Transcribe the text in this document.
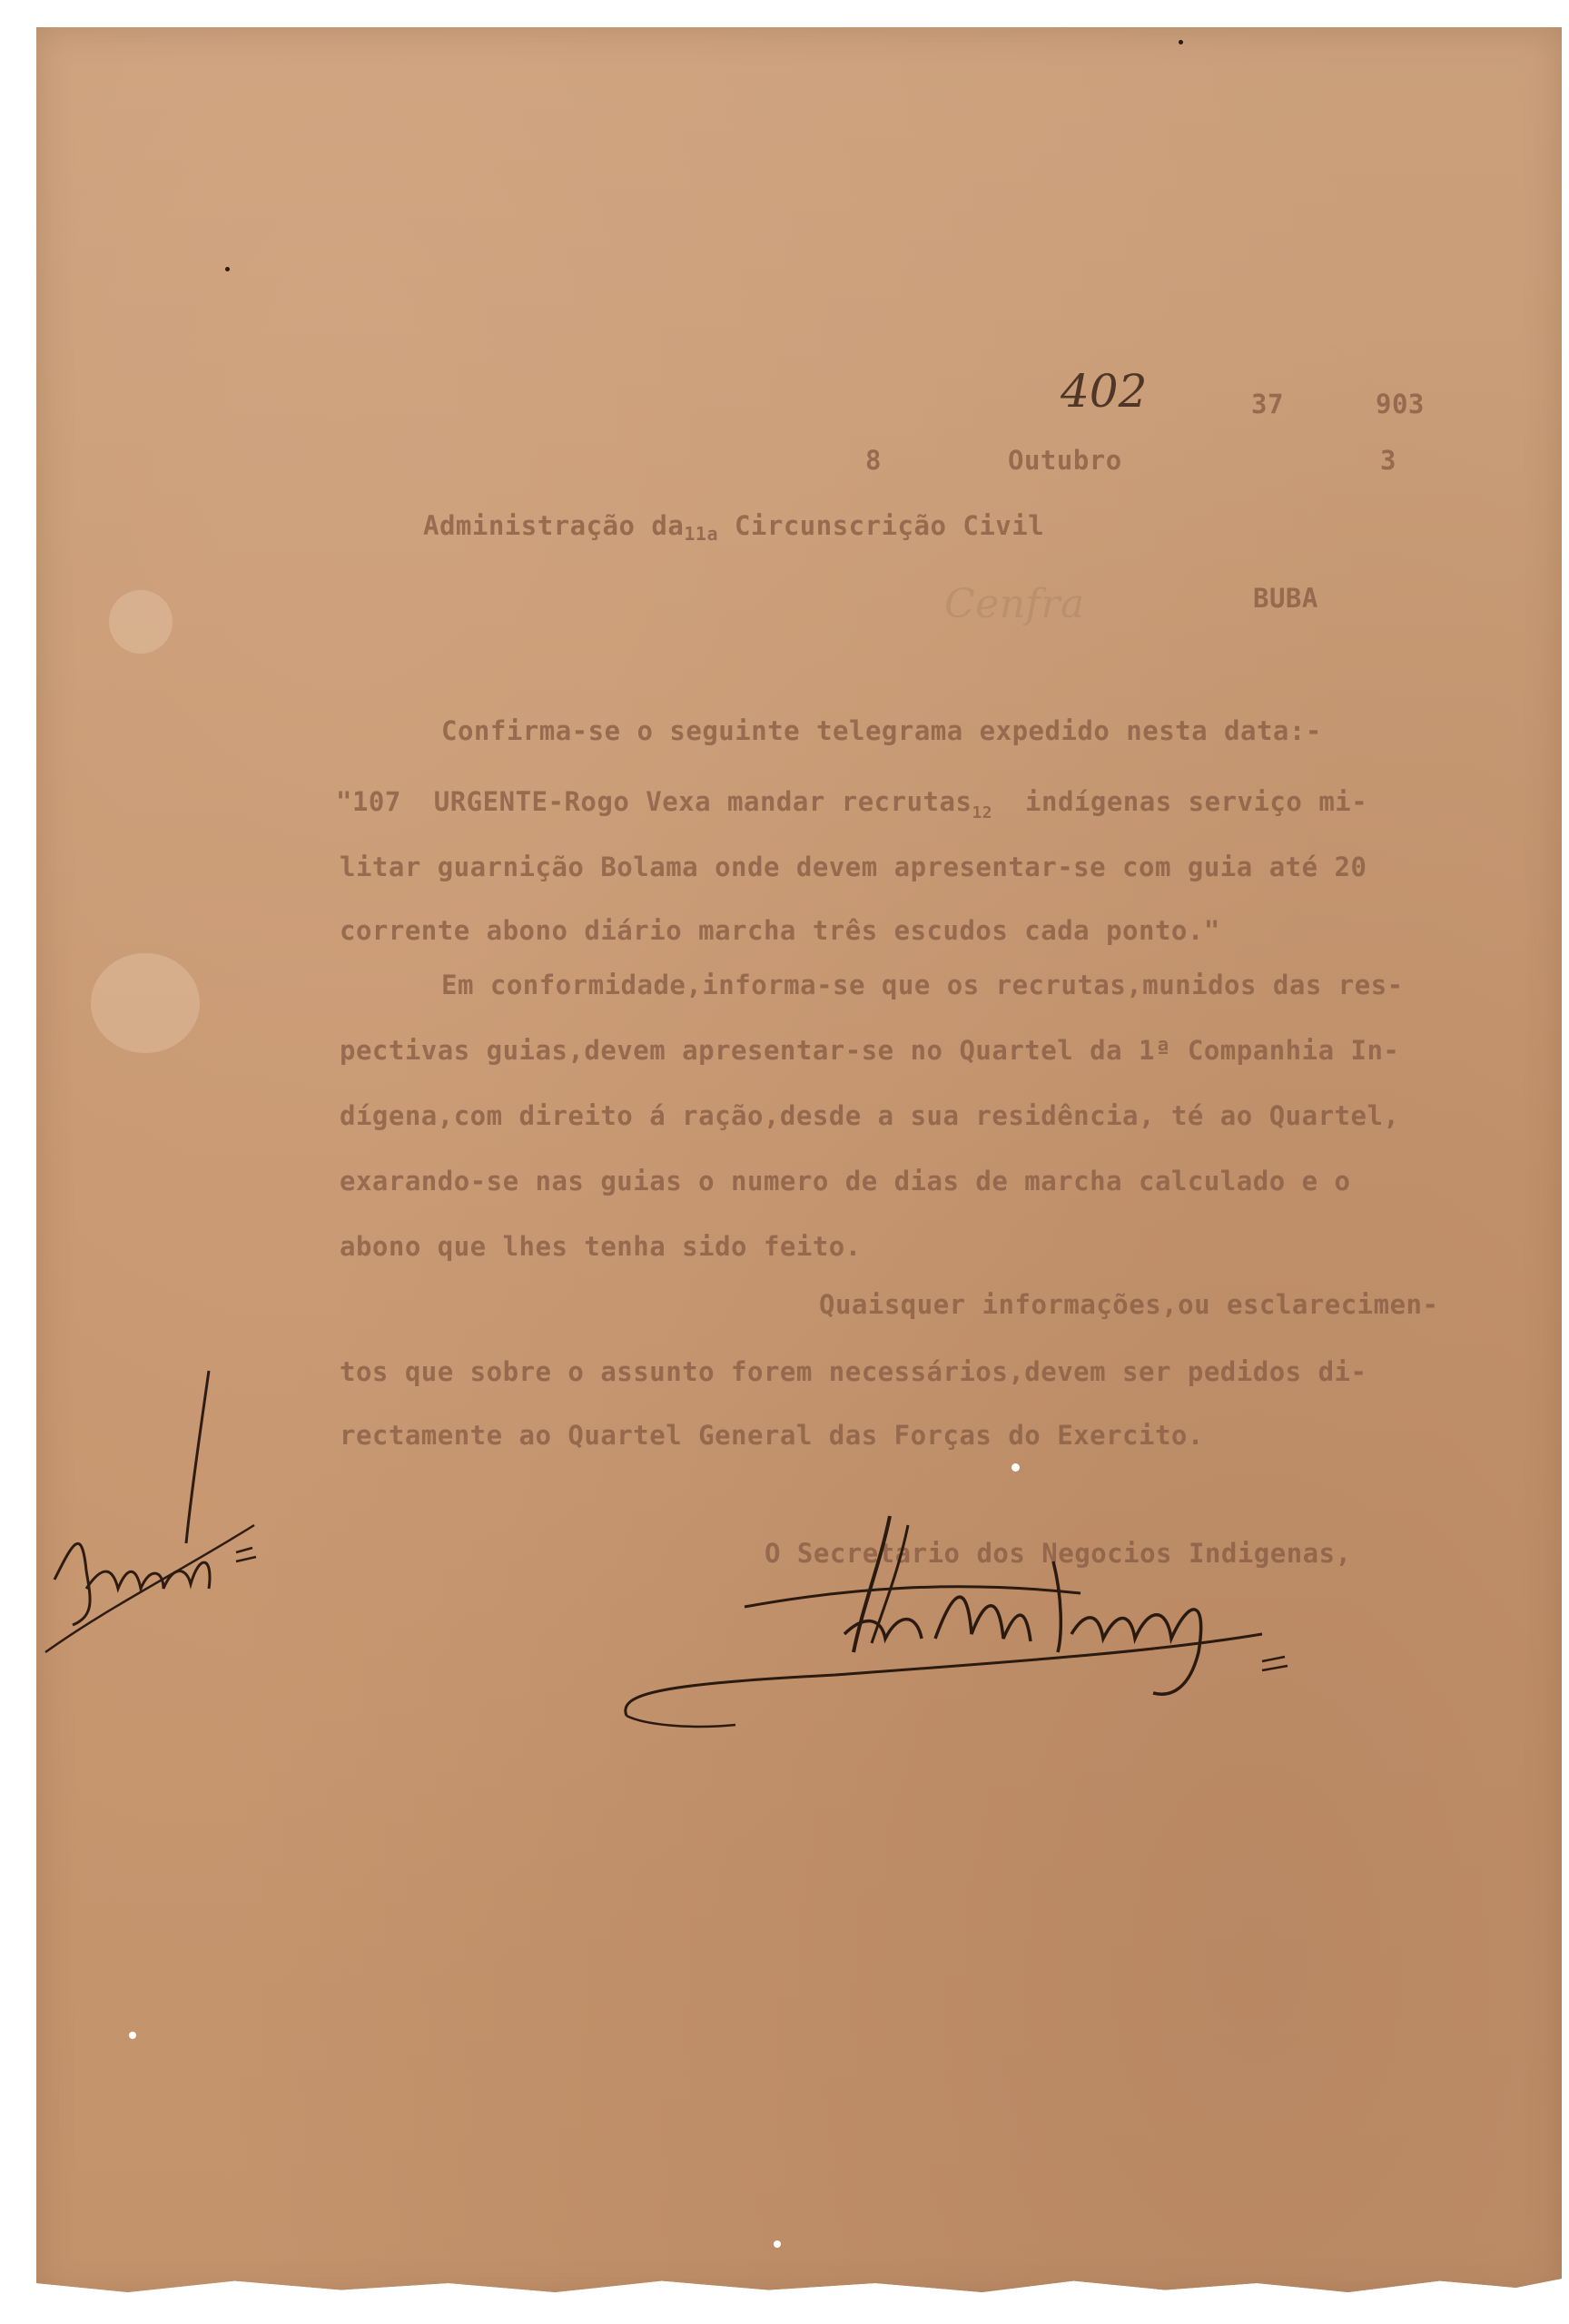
402	37	903
8	Outubro	3
Administração $da_{11a}$ Circunscrição Civil
Cenfra	BUBA
Confirma-se o seguinte telegrama expedido nesta data:-
"107 URGENTE-Rogo Vexa mandar recrutas$_{12}$  indígenas serviço mi-
litar guarnição Bolama onde devem apresentar-se com guia até 20
corrente abono diário marcha três escudos cada ponto."
Em conformidade,informa-se que os recrutas,munidos das res-
pectivas guias,devem apresentar-se no Quartel da 1ª Companhia In-
dígena,com direito á ração,desde a sua residência, té ao Quartel,
exarando-se nas guias o numero de dias de marcha calculado e o
abono que lhes tenha sido feito.
Quaisquer informações,ou esclarecimen-
tos que sobre o assunto forem necessários,devem ser pedidos di-
rectamente ao Quartel General das Forças do Exercito.
O Secretario dos Negocios Indigenas,
